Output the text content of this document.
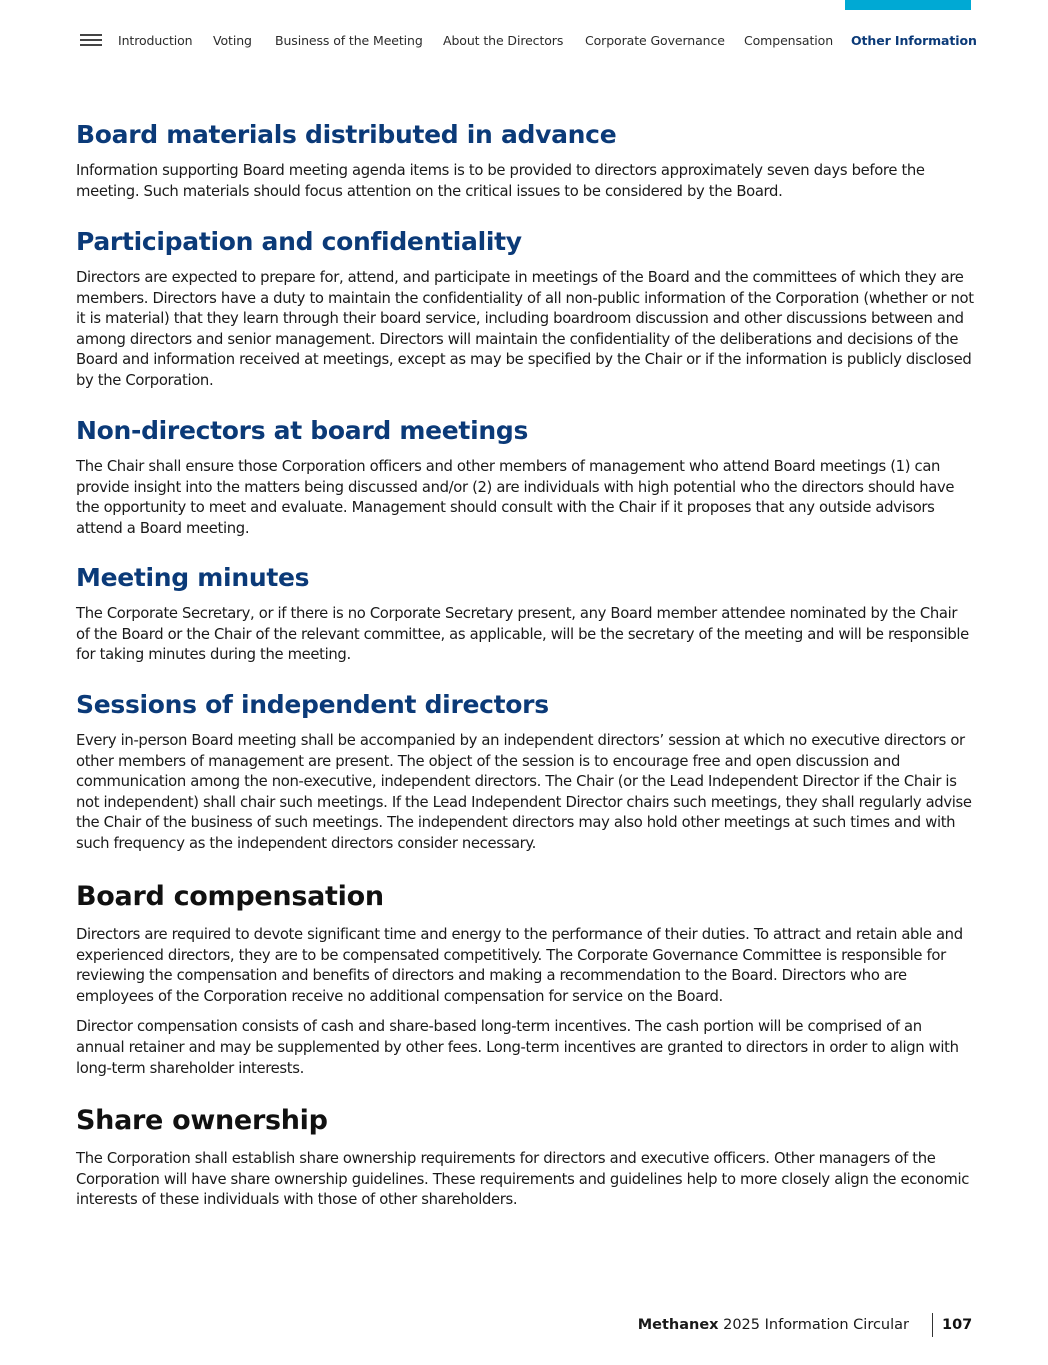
Introduction Voting Business of the Meeting About the Directors Corporate Governance Compensation Other Information
Board materials distributed in advance

Information supporting Board meeting agenda items is to be provided to directors approximately seven days before the meeting. Such materials should focus attention on the critical issues to be considered by the Board.

Participation and confidentiality

Directors are expected to prepare for, attend, and participate in meetings of the Board and the committees of which they are members. Directors have a duty to maintain the confidentiality of all non-public information of the Corporation (whether or not it is material) that they learn through their board service, including boardroom discussion and other discussions between and among directors and senior management. Directors will maintain the confidentiality of the deliberations and decisions of the Board and information received at meetings, except as may be specified by the Chair or if the information is publicly disclosed by the Corporation.

Non-directors at board meetings

The Chair shall ensure those Corporation officers and other members of management who attend Board meetings (1) can provide insight into the matters being discussed and/or (2) are individuals with high potential who the directors should have the opportunity to meet and evaluate. Management should consult with the Chair if it proposes that any outside advisors attend a Board meeting.

Meeting minutes

The Corporate Secretary, or if there is no Corporate Secretary present, any Board member attendee nominated by the Chair of the Board or the Chair of the relevant committee, as applicable, will be the secretary of the meeting and will be responsible for taking minutes during the meeting.

Sessions of independent directors

Every in-person Board meeting shall be accompanied by an independent directors’ session at which no executive directors or other members of management are present. The object of the session is to encourage free and open discussion and communication among the non-executive, independent directors. The Chair (or the Lead Independent Director if the Chair is not independent) shall chair such meetings. If the Lead Independent Director chairs such meetings, they shall regularly advise the Chair of the business of such meetings. The independent directors may also hold other meetings at such times and with such frequency as the independent directors consider necessary.

Board compensation

Directors are required to devote significant time and energy to the performance of their duties. To attract and retain able and experienced directors, they are to be compensated competitively. The Corporate Governance Committee is responsible for reviewing the compensation and benefits of directors and making a recommendation to the Board. Directors who are employees of the Corporation receive no additional compensation for service on the Board.

Director compensation consists of cash and share-based long-term incentives. The cash portion will be comprised of an annual retainer and may be supplemented by other fees. Long-term incentives are granted to directors in order to align with long-term shareholder interests.

Share ownership

The Corporation shall establish share ownership requirements for directors and executive officers. Other managers of the Corporation will have share ownership guidelines. These requirements and guidelines help to more closely align the economic interests of these individuals with those of other shareholders.

Methanex 2025 Information Circular 107
